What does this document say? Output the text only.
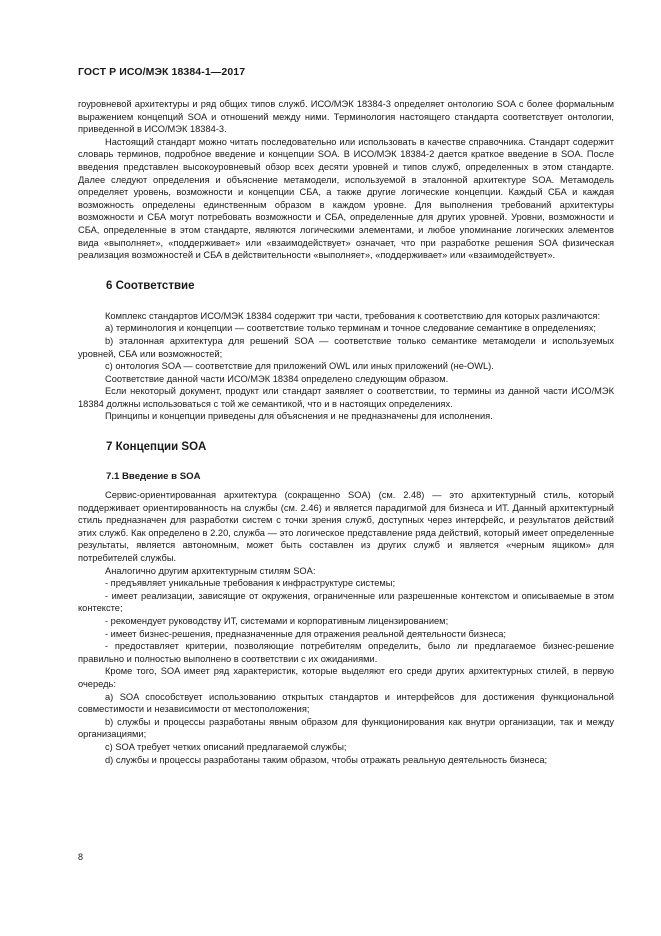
ГОСТ Р ИСО/МЭК 18384-1—2017

гоуровневой архитектуры и ряд общих типов служб. ИСО/МЭК 18384-3 определяет онтологию SOA с более формальным выражением концепций SOA и отношений между ними. Терминология настоящего стандарта соответствует онтологии, приведенной в ИСО/МЭК 18384-3.

Настоящий стандарт можно читать последовательно или использовать в качестве справочника. Стандарт содержит словарь терминов, подробное введение и концепции SOA. В ИСО/МЭК 18384-2 дается краткое введение в SOA. После введения представлен высокоуровневый обзор всех десяти уровней и типов служб, определенных в этом стандарте. Далее следуют определения и объяснение метамодели, используемой в эталонной архитектуре SOA. Метамодель определяет уровень, возможности и концепции СБА, а также другие логические концепции. Каждый СБА и каждая возможность определены единственным образом в каждом уровне. Для выполнения требований архитектуры возможности и СБА могут потребовать возможности и СБА, определенные для других уровней. Уровни, возможности и СБА, определенные в этом стандарте, являются логическими элементами, и любое упоминание логических элементов вида «выполняет», «поддерживает» или «взаимодействует» означает, что при разработке решения SOA физическая реализация возможностей и СБА в действительности «выполняет», «поддерживает» или «взаимодействует».

6 Соответствие

Комплекс стандартов ИСО/МЭК 18384 содержит три части, требования к соответствию для которых различаются:

a) терминология и концепции — соответствие только терминам и точное следование семантике в определениях;

b) эталонная архитектура для решений SOA — соответствие только семантике метамодели и используемых уровней, СБА или возможностей;

c) онтология SOA — соответствие для приложений OWL или иных приложений (не-OWL).

Соответствие данной части ИСО/МЭК 18384 определено следующим образом.

Если некоторый документ, продукт или стандарт заявляет о соответствии, то термины из данной части ИСО/МЭК 18384 должны использоваться с той же семантикой, что и в настоящих определениях.

Принципы и концепции приведены для объяснения и не предназначены для исполнения.

7 Концепции SOA
7.1 Введение в SOA

Сервис-ориентированная архитектура (сокращенно SOA) (см. 2.48) — это архитектурный стиль, который поддерживает ориентированность на службы (см. 2.46) и является парадигмой для бизнеса и ИТ. Данный архитектурный стиль предназначен для разработки систем с точки зрения служб, доступных через интерфейс, и результатов действий этих служб. Как определено в 2.20, служба — это логическое представление ряда действий, который имеет определенные результаты, является автономным, может быть составлен из других служб и является «черным ящиком» для потребителей службы.

Аналогично другим архитектурным стилям SOA:

- предъявляет уникальные требования к инфраструктуре системы;

- имеет реализации, зависящие от окружения, ограниченные или разрешенные контекстом и описываемые в этом контексте;

- рекомендует руководству ИТ, системами и корпоративным лицензированием;

- имеет бизнес-решения, предназначенные для отражения реальной деятельности бизнеса;

- предоставляет критерии, позволяющие потребителям определить, было ли предлагаемое бизнес-решение правильно и полностью выполнено в соответствии с их ожиданиями.

Кроме того, SOA имеет ряд характеристик, которые выделяют его среди других архитектурных стилей, в первую очередь:

a) SOA способствует использованию открытых стандартов и интерфейсов для достижения функциональной совместимости и независимости от местоположения;

b) службы и процессы разработаны явным образом для функционирования как внутри организации, так и между организациями;

c) SOA требует четких описаний предлагаемой службы;

d) службы и процессы разработаны таким образом, чтобы отражать реальную деятельность бизнеса;

8
